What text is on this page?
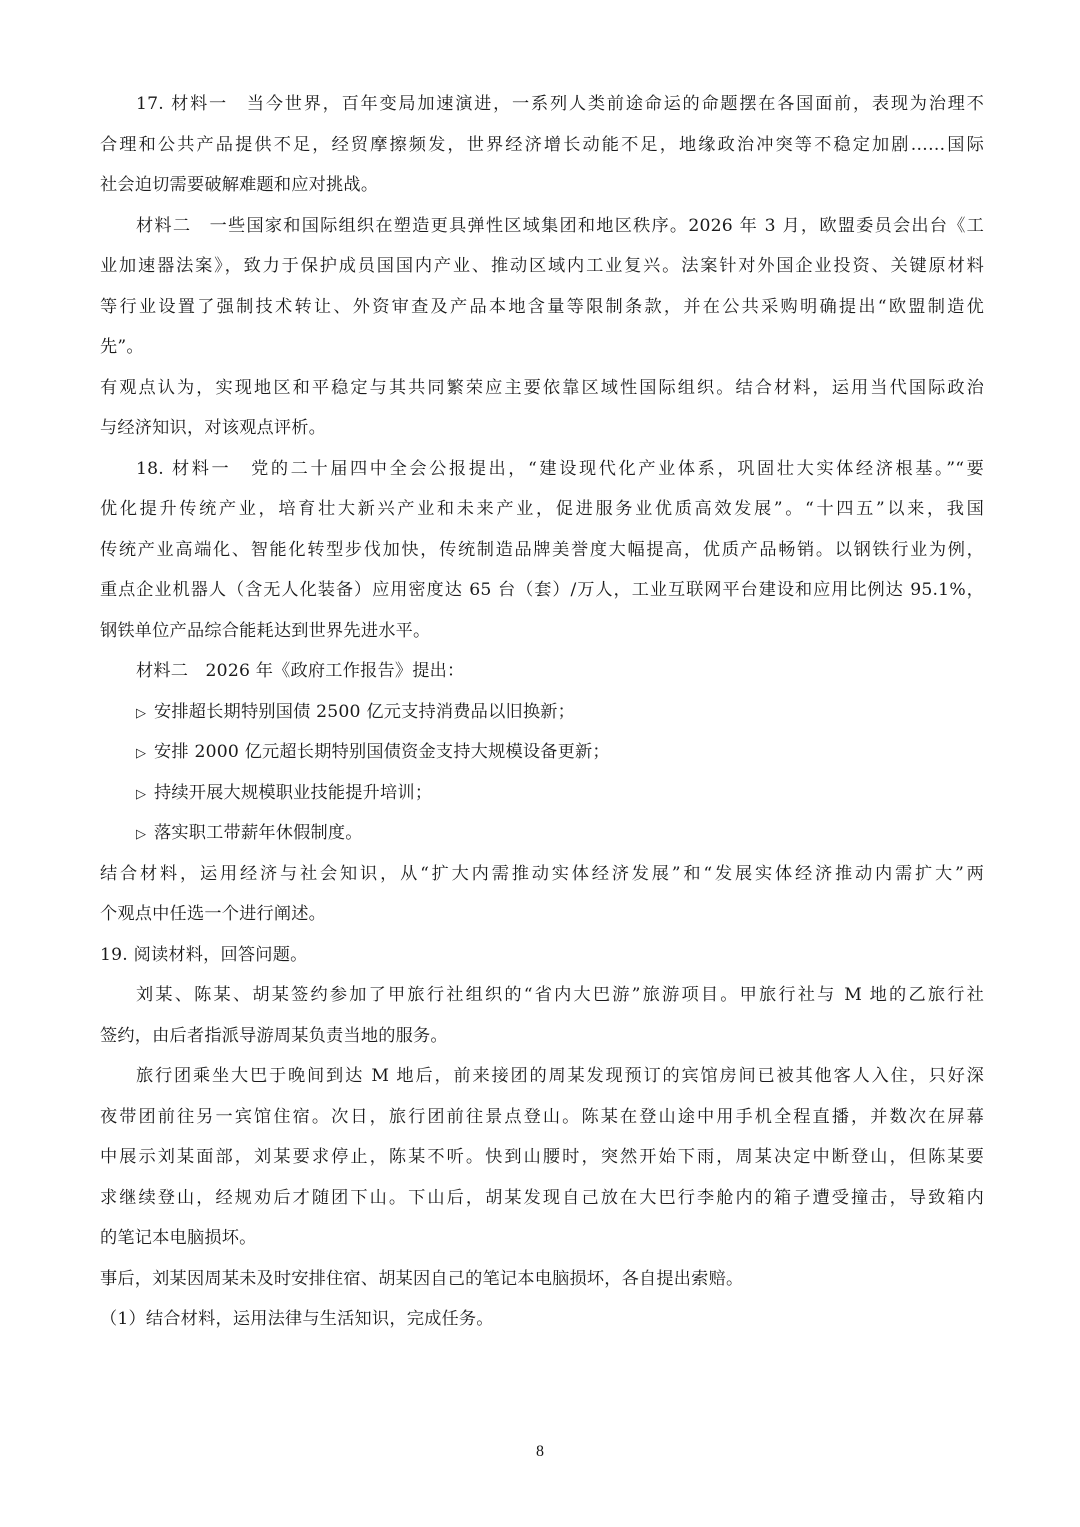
17. 材料一　当今世界，百年变局加速演进，一系列人类前途命运的命题摆在各国面前，表现为治理不
合理和公共产品提供不足，经贸摩擦频发，世界经济增长动能不足，地缘政治冲突等不稳定加剧……国际
社会迫切需要破解难题和应对挑战。
材料二　一些国家和国际组织在塑造更具弹性区域集团和地区秩序。2026 年 3 月，欧盟委员会出台《工
业加速器法案》，致力于保护成员国国内产业、推动区域内工业复兴。法案针对外国企业投资、关键原材料
等行业设置了强制技术转让、外资审查及产品本地含量等限制条款，并在公共采购明确提出“欧盟制造优
先”。
有观点认为，实现地区和平稳定与其共同繁荣应主要依靠区域性国际组织。结合材料，运用当代国际政治
与经济知识，对该观点评析。
18. 材料一　党的二十届四中全会公报提出，“建设现代化产业体系，巩固壮大实体经济根基。”“要
优化提升传统产业，培育壮大新兴产业和未来产业，促进服务业优质高效发展”。“十四五”以来，我国
传统产业高端化、智能化转型步伐加快，传统制造品牌美誉度大幅提高，优质产品畅销。以钢铁行业为例，
重点企业机器人（含无人化装备）应用密度达 65 台（套）/万人，工业互联网平台建设和应用比例达 95.1%，
钢铁单位产品综合能耗达到世界先进水平。
材料二　2026 年《政府工作报告》提出：
▷ 安排超长期特别国债 2500 亿元支持消费品以旧换新；
▷ 安排 2000 亿元超长期特别国债资金支持大规模设备更新；
▷ 持续开展大规模职业技能提升培训；
▷ 落实职工带薪年休假制度。
结合材料，运用经济与社会知识，从“扩大内需推动实体经济发展”和“发展实体经济推动内需扩大”两
个观点中任选一个进行阐述。
19. 阅读材料，回答问题。
刘某、陈某、胡某签约参加了甲旅行社组织的“省内大巴游”旅游项目。甲旅行社与 M 地的乙旅行社
签约，由后者指派导游周某负责当地的服务。
旅行团乘坐大巴于晚间到达 M 地后，前来接团的周某发现预订的宾馆房间已被其他客人入住，只好深
夜带团前往另一宾馆住宿。次日，旅行团前往景点登山。陈某在登山途中用手机全程直播，并数次在屏幕
中展示刘某面部，刘某要求停止，陈某不听。快到山腰时，突然开始下雨，周某决定中断登山，但陈某要
求继续登山，经规劝后才随团下山。下山后，胡某发现自己放在大巴行李舱内的箱子遭受撞击，导致箱内
的笔记本电脑损坏。
事后，刘某因周某未及时安排住宿、胡某因自己的笔记本电脑损坏，各自提出索赔。
（1）结合材料，运用法律与生活知识，完成任务。
8
